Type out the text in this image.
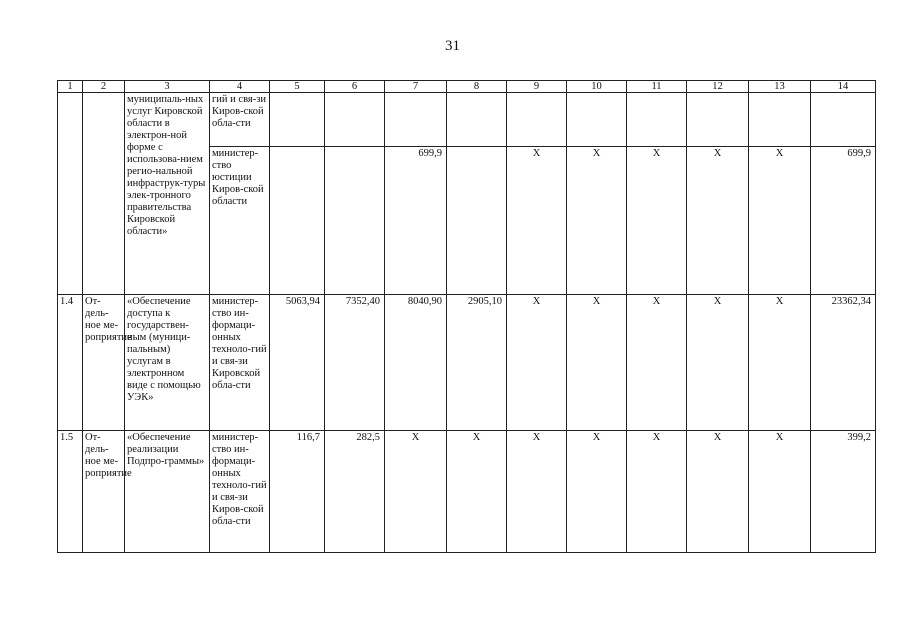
31
1	2	3	4	5	6	7	8	9	10	11	12	13	14
		муниципаль-ных услуг Кировской области в электрон-ной форме с использова-нием регио-нальной инфраструк-туры элек-тронного правительства Кировской области»	гий и свя-зи Киров-ской обла-сти										
			министер-ство юстиции Киров-ской области			699,9		X	X	X	X	X	699,9
1.4	От-дель-ное ме-роприятие	«Обеспечение доступа к государствен-ным (муници-пальным) услугам в электронном виде с помощью УЭК»	министер-ство ин-формаци-онных техноло-гий и свя-зи Кировской обла-сти	5063,94	7352,40	8040,90	2905,10	X	X	X	X	X	23362,34
1.5	От-дель-ное ме-роприятие	«Обеспечение реализации Подпро-граммы»	министер-ство ин-формаци-онных техноло-гий и свя-зи Киров-ской обла-сти	116,7	282,5	X	X	X	X	X	X	X	399,2
